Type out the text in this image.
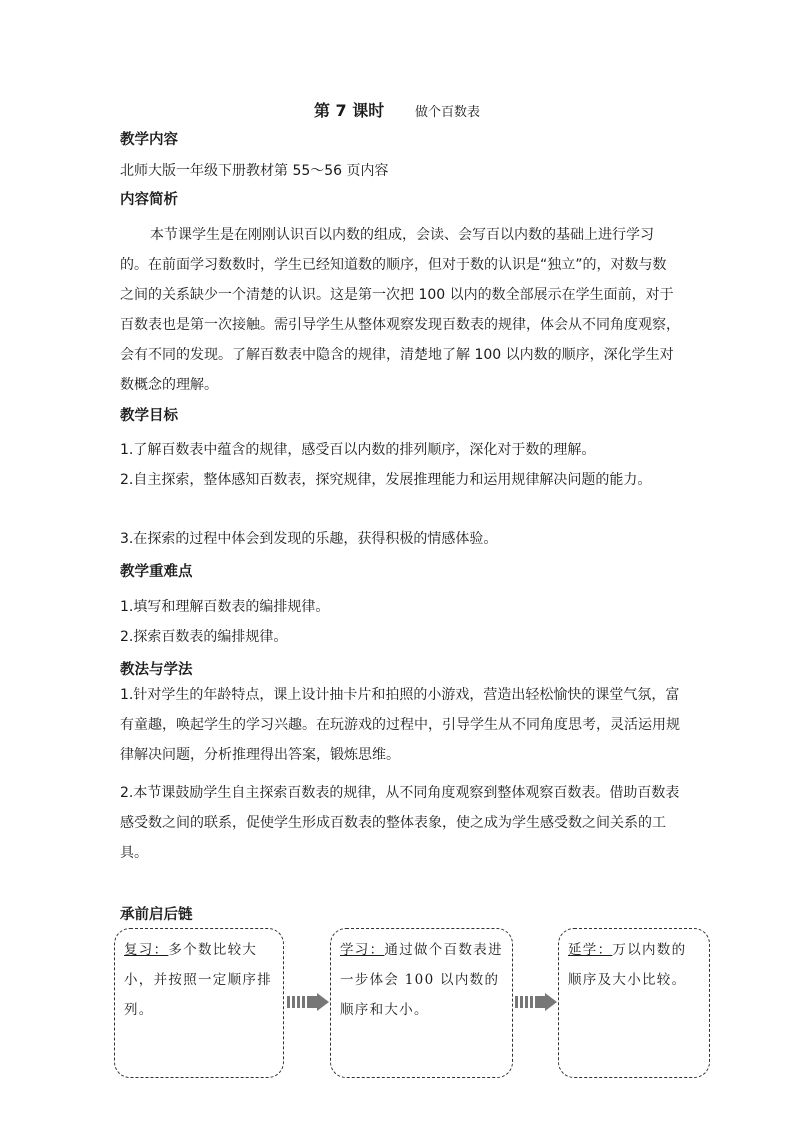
第 7 课时 做个百数表
教学内容
北师大版一年级下册教材第 55～56 页内容
内容简析
本节课学生是在刚刚认识百以内数的组成，会读、会写百以内数的基础上进行学习的。在前面学习数数时，学生已经知道数的顺序，但对于数的认识是“独立”的，对数与数之间的关系缺少一个清楚的认识。这是第一次把 100 以内的数全部展示在学生面前，对于百数表也是第一次接触。需引导学生从整体观察发现百数表的规律，体会从不同角度观察，会有不同的发现。了解百数表中隐含的规律，清楚地了解 100 以内数的顺序，深化学生对数概念的理解。
教学目标
1.了解百数表中蕴含的规律，感受百以内数的排列顺序，深化对于数的理解。
2.自主探索，整体感知百数表，探究规律，发展推理能力和运用规律解决问题的能力。
3.在探索的过程中体会到发现的乐趣，获得积极的情感体验。
教学重难点
1.填写和理解百数表的编排规律。
2.探索百数表的编排规律。
教法与学法
1.针对学生的年龄特点，课上设计抽卡片和拍照的小游戏，营造出轻松愉快的课堂气氛，富有童趣，唤起学生的学习兴趣。在玩游戏的过程中，引导学生从不同角度思考，灵活运用规律解决问题，分析推理得出答案，锻炼思维。
2.本节课鼓励学生自主探索百数表的规律，从不同角度观察到整体观察百数表。借助百数表感受数之间的联系，促使学生形成百数表的整体表象，使之成为学生感受数之间关系的工具。
承前启后链
复习：多个数比较大小，并按照一定顺序排列。
学习：通过做个百数表进一步体会 100 以内数的顺序和大小。
延学：万以内数的顺序及大小比较。
